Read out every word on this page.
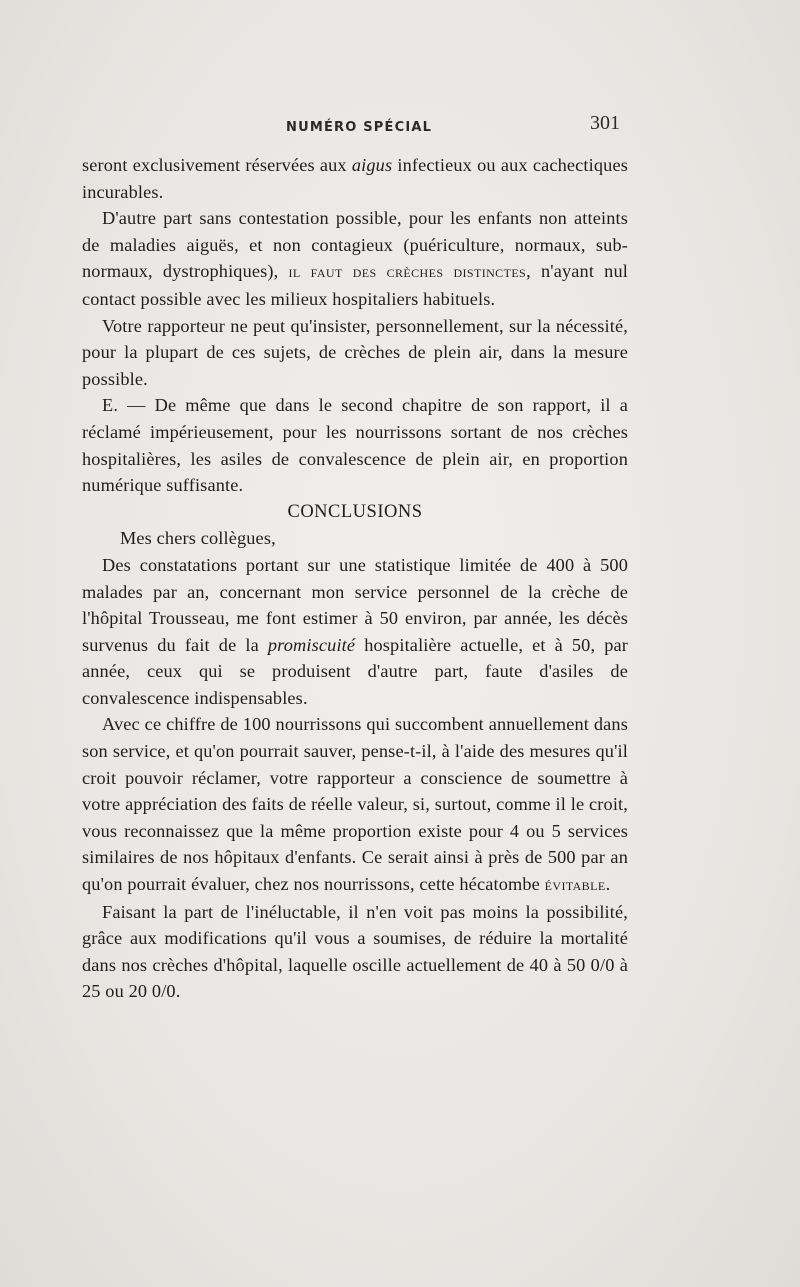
NUMÉRO SPÉCIAL	301

seront exclusivement réservées aux aigus infectieux ou aux cachectiques incurables.

D'autre part sans contestation possible, pour les enfants non atteints de maladies aiguës, et non contagieux (puériculture, normaux, sub-normaux, dystrophiques), il faut des crèches distinctes, n'ayant nul contact possible avec les milieux hospitaliers habituels.

Votre rapporteur ne peut qu'insister, personnellement, sur la nécessité, pour la plupart de ces sujets, de crèches de plein air, dans la mesure possible.

E. — De même que dans le second chapitre de son rapport, il a réclamé impérieusement, pour les nourrissons sortant de nos crèches hospitalières, les asiles de convalescence de plein air, en proportion numérique suffisante.

CONCLUSIONS

Mes chers collègues,

Des constatations portant sur une statistique limitée de 400 à 500 malades par an, concernant mon service personnel de la crèche de l'hôpital Trousseau, me font estimer à 50 environ, par année, les décès survenus du fait de la promiscuité hospitalière actuelle, et à 50, par année, ceux qui se produisent d'autre part, faute d'asiles de convalescence indispensables.

Avec ce chiffre de 100 nourrissons qui succombent annuellement dans son service, et qu'on pourrait sauver, pense-t-il, à l'aide des mesures qu'il croit pouvoir réclamer, votre rapporteur a conscience de soumettre à votre appréciation des faits de réelle valeur, si, surtout, comme il le croit, vous reconnaissez que la même proportion existe pour 4 ou 5 services similaires de nos hôpitaux d'enfants. Ce serait ainsi à près de 500 par an qu'on pourrait évaluer, chez nos nourrissons, cette hécatombe évitable.

Faisant la part de l'inéluctable, il n'en voit pas moins la possibilité, grâce aux modifications qu'il vous a soumises, de réduire la mortalité dans nos crèches d'hôpital, laquelle oscille actuellement de 40 à 50 0/0 à 25 ou 20 0/0.
